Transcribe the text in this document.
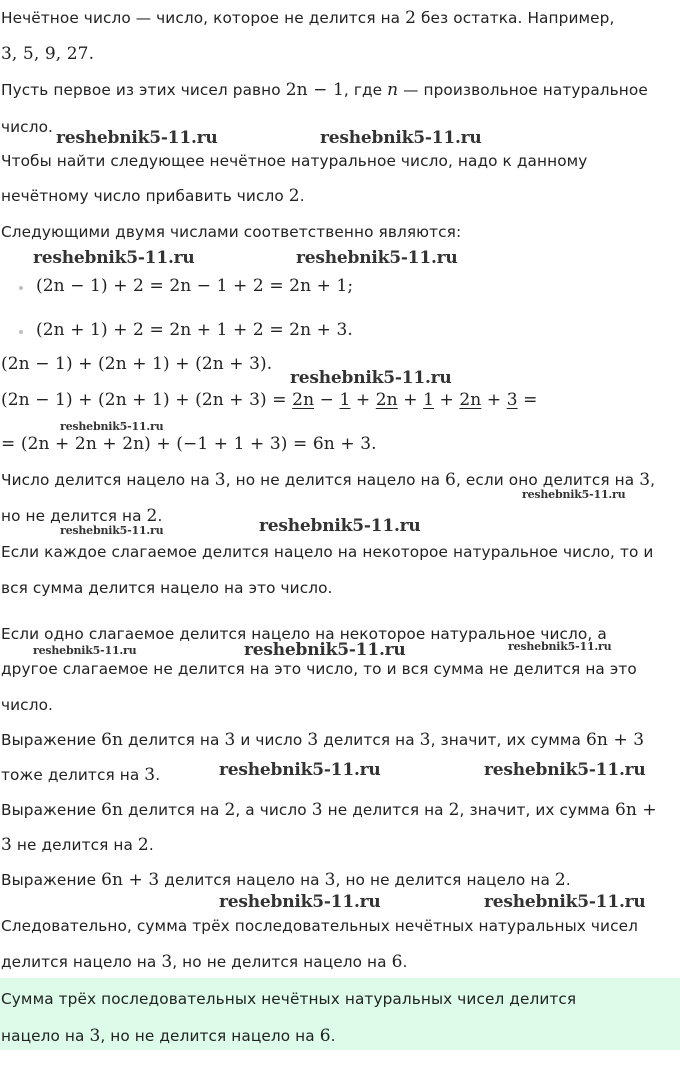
Нечётное число — число, которое не делится на 2 без остатка. Например,
3, 5, 9, 27.
Пусть первое из этих чисел равно 2n − 1, где n — произвольное натуральное
число.
Чтобы найти следующее нечётное натуральное число, надо к данному
нечётному число прибавить число 2.
Следующими двумя числами соответственно являются:
(2n − 1) + 2 = 2n − 1 + 2 = 2n + 1;
(2n + 1) + 2 = 2n + 1 + 2 = 2n + 3.
(2n − 1) + (2n + 1) + (2n + 3).
(2n − 1) + (2n + 1) + (2n + 3) = 2n − 1 + 2n + 1 + 2n + 3 =
= (2n + 2n + 2n) + (−1 + 1 + 3) = 6n + 3.
Число делится нацело на 3, но не делится нацело на 6, если оно делится на 3,
но не делится на 2.
Если каждое слагаемое делится нацело на некоторое натуральное число, то и
вся сумма делится нацело на это число.
Если одно слагаемое делится нацело на некоторое натуральное число, а
другое слагаемое не делится на это число, то и вся сумма не делится на это
число.
Выражение 6n делится на 3 и число 3 делится на 3, значит, их сумма 6n + 3
тоже делится на 3.
Выражение 6n делится на 2, а число 3 не делится на 2, значит, их сумма 6n +
3 не делится на 2.
Выражение 6n + 3 делится нацело на 3, но не делится нацело на 2.
Следовательно, сумма трёх последовательных нечётных натуральных чисел
делится нацело на 3, но не делится нацело на 6.
Сумма трёх последовательных нечётных натуральных чисел делится
нацело на 3, но не делится нацело на 6.
reshebnik5-11.ru	reshebnik5-11.ru
reshebnik5-11.ru	reshebnik5-11.ru
reshebnik5-11.ru
reshebnik5-11.ru
reshebnik5-11.ru
reshebnik5-11.ru	reshebnik5-11.ru
reshebnik5-11.ru	reshebnik5-11.ru	reshebnik5-11.ru
reshebnik5-11.ru	reshebnik5-11.ru
reshebnik5-11.ru	reshebnik5-11.ru
